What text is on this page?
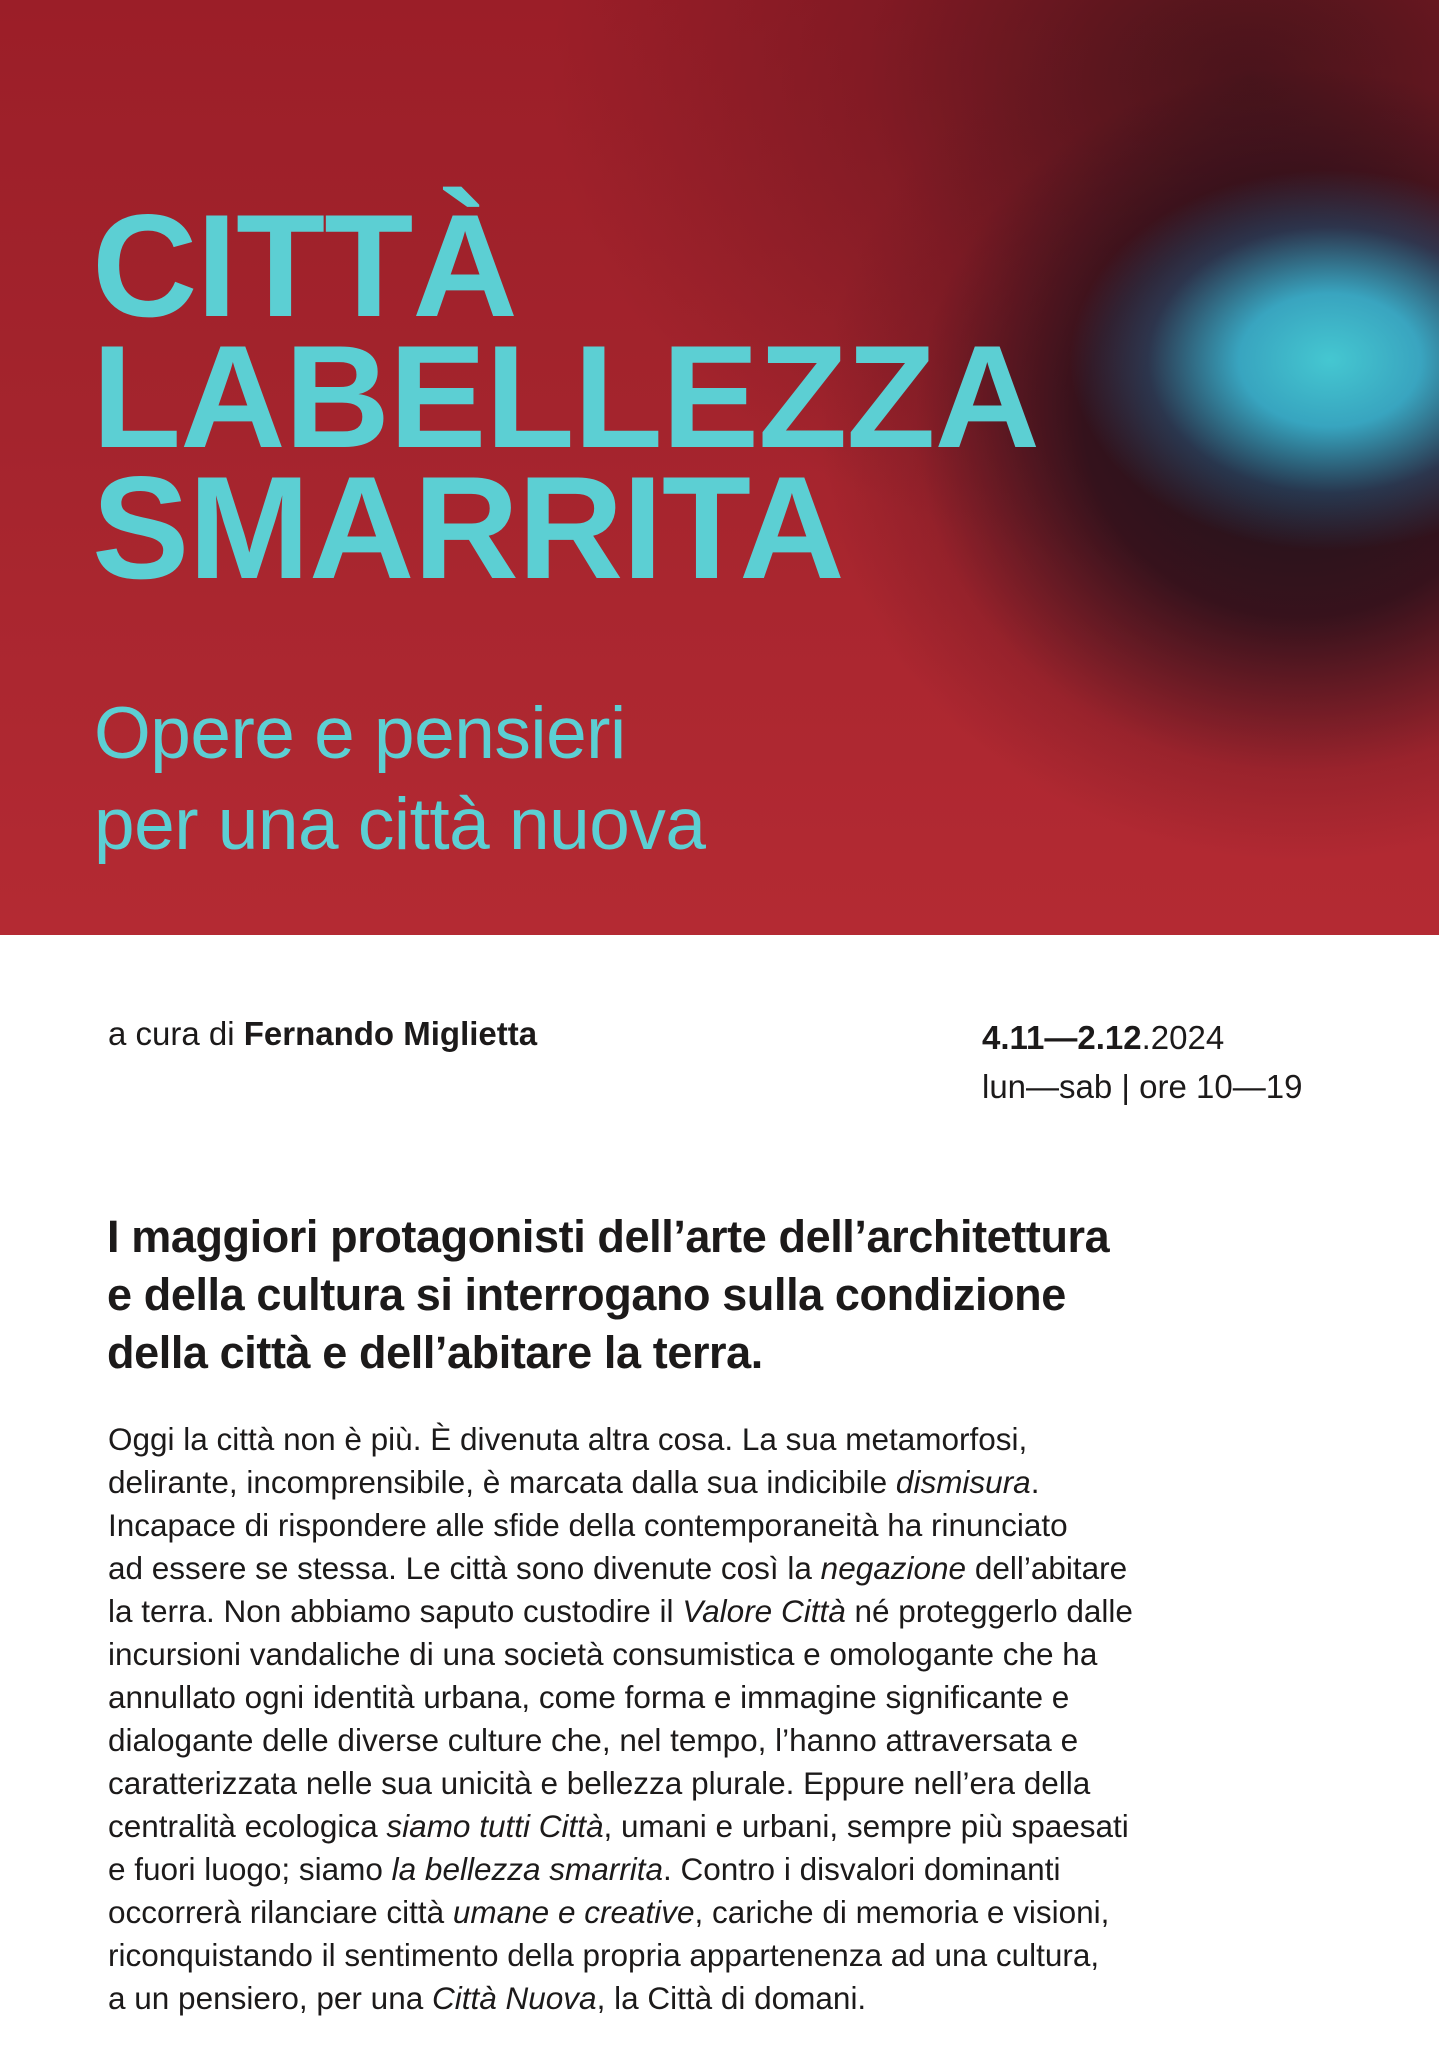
CITTÀ
LABELLEZZA
SMARRITA
Opere e pensieri
per una città nuova
a cura di Fernando Miglietta	4.11—2.12.2024
lun—sab | ore 10—19
I maggiori protagonisti dell’arte dell’architettura
e della cultura si interrogano sulla condizione
della città e dell’abitare la terra.
Oggi la città non è più. È divenuta altra cosa. La sua metamorfosi,
delirante, incomprensibile, è marcata dalla sua indicibile dismisura.
Incapace di rispondere alle sfide della contemporaneità ha rinunciato
ad essere se stessa. Le città sono divenute così la negazione dell’abitare
la terra. Non abbiamo saputo custodire il Valore Città né proteggerlo dalle
incursioni vandaliche di una società consumistica e omologante che ha
annullato ogni identità urbana, come forma e immagine significante e
dialogante delle diverse culture che, nel tempo, l’hanno attraversata e
caratterizzata nelle sua unicità e bellezza plurale. Eppure nell’era della
centralità ecologica siamo tutti Città, umani e urbani, sempre più spaesati
e fuori luogo; siamo la bellezza smarrita. Contro i disvalori dominanti
occorrerà rilanciare città umane e creative, cariche di memoria e visioni,
riconquistando il sentimento della propria appartenenza ad una cultura,
a un pensiero, per una Città Nuova, la Città di domani.
